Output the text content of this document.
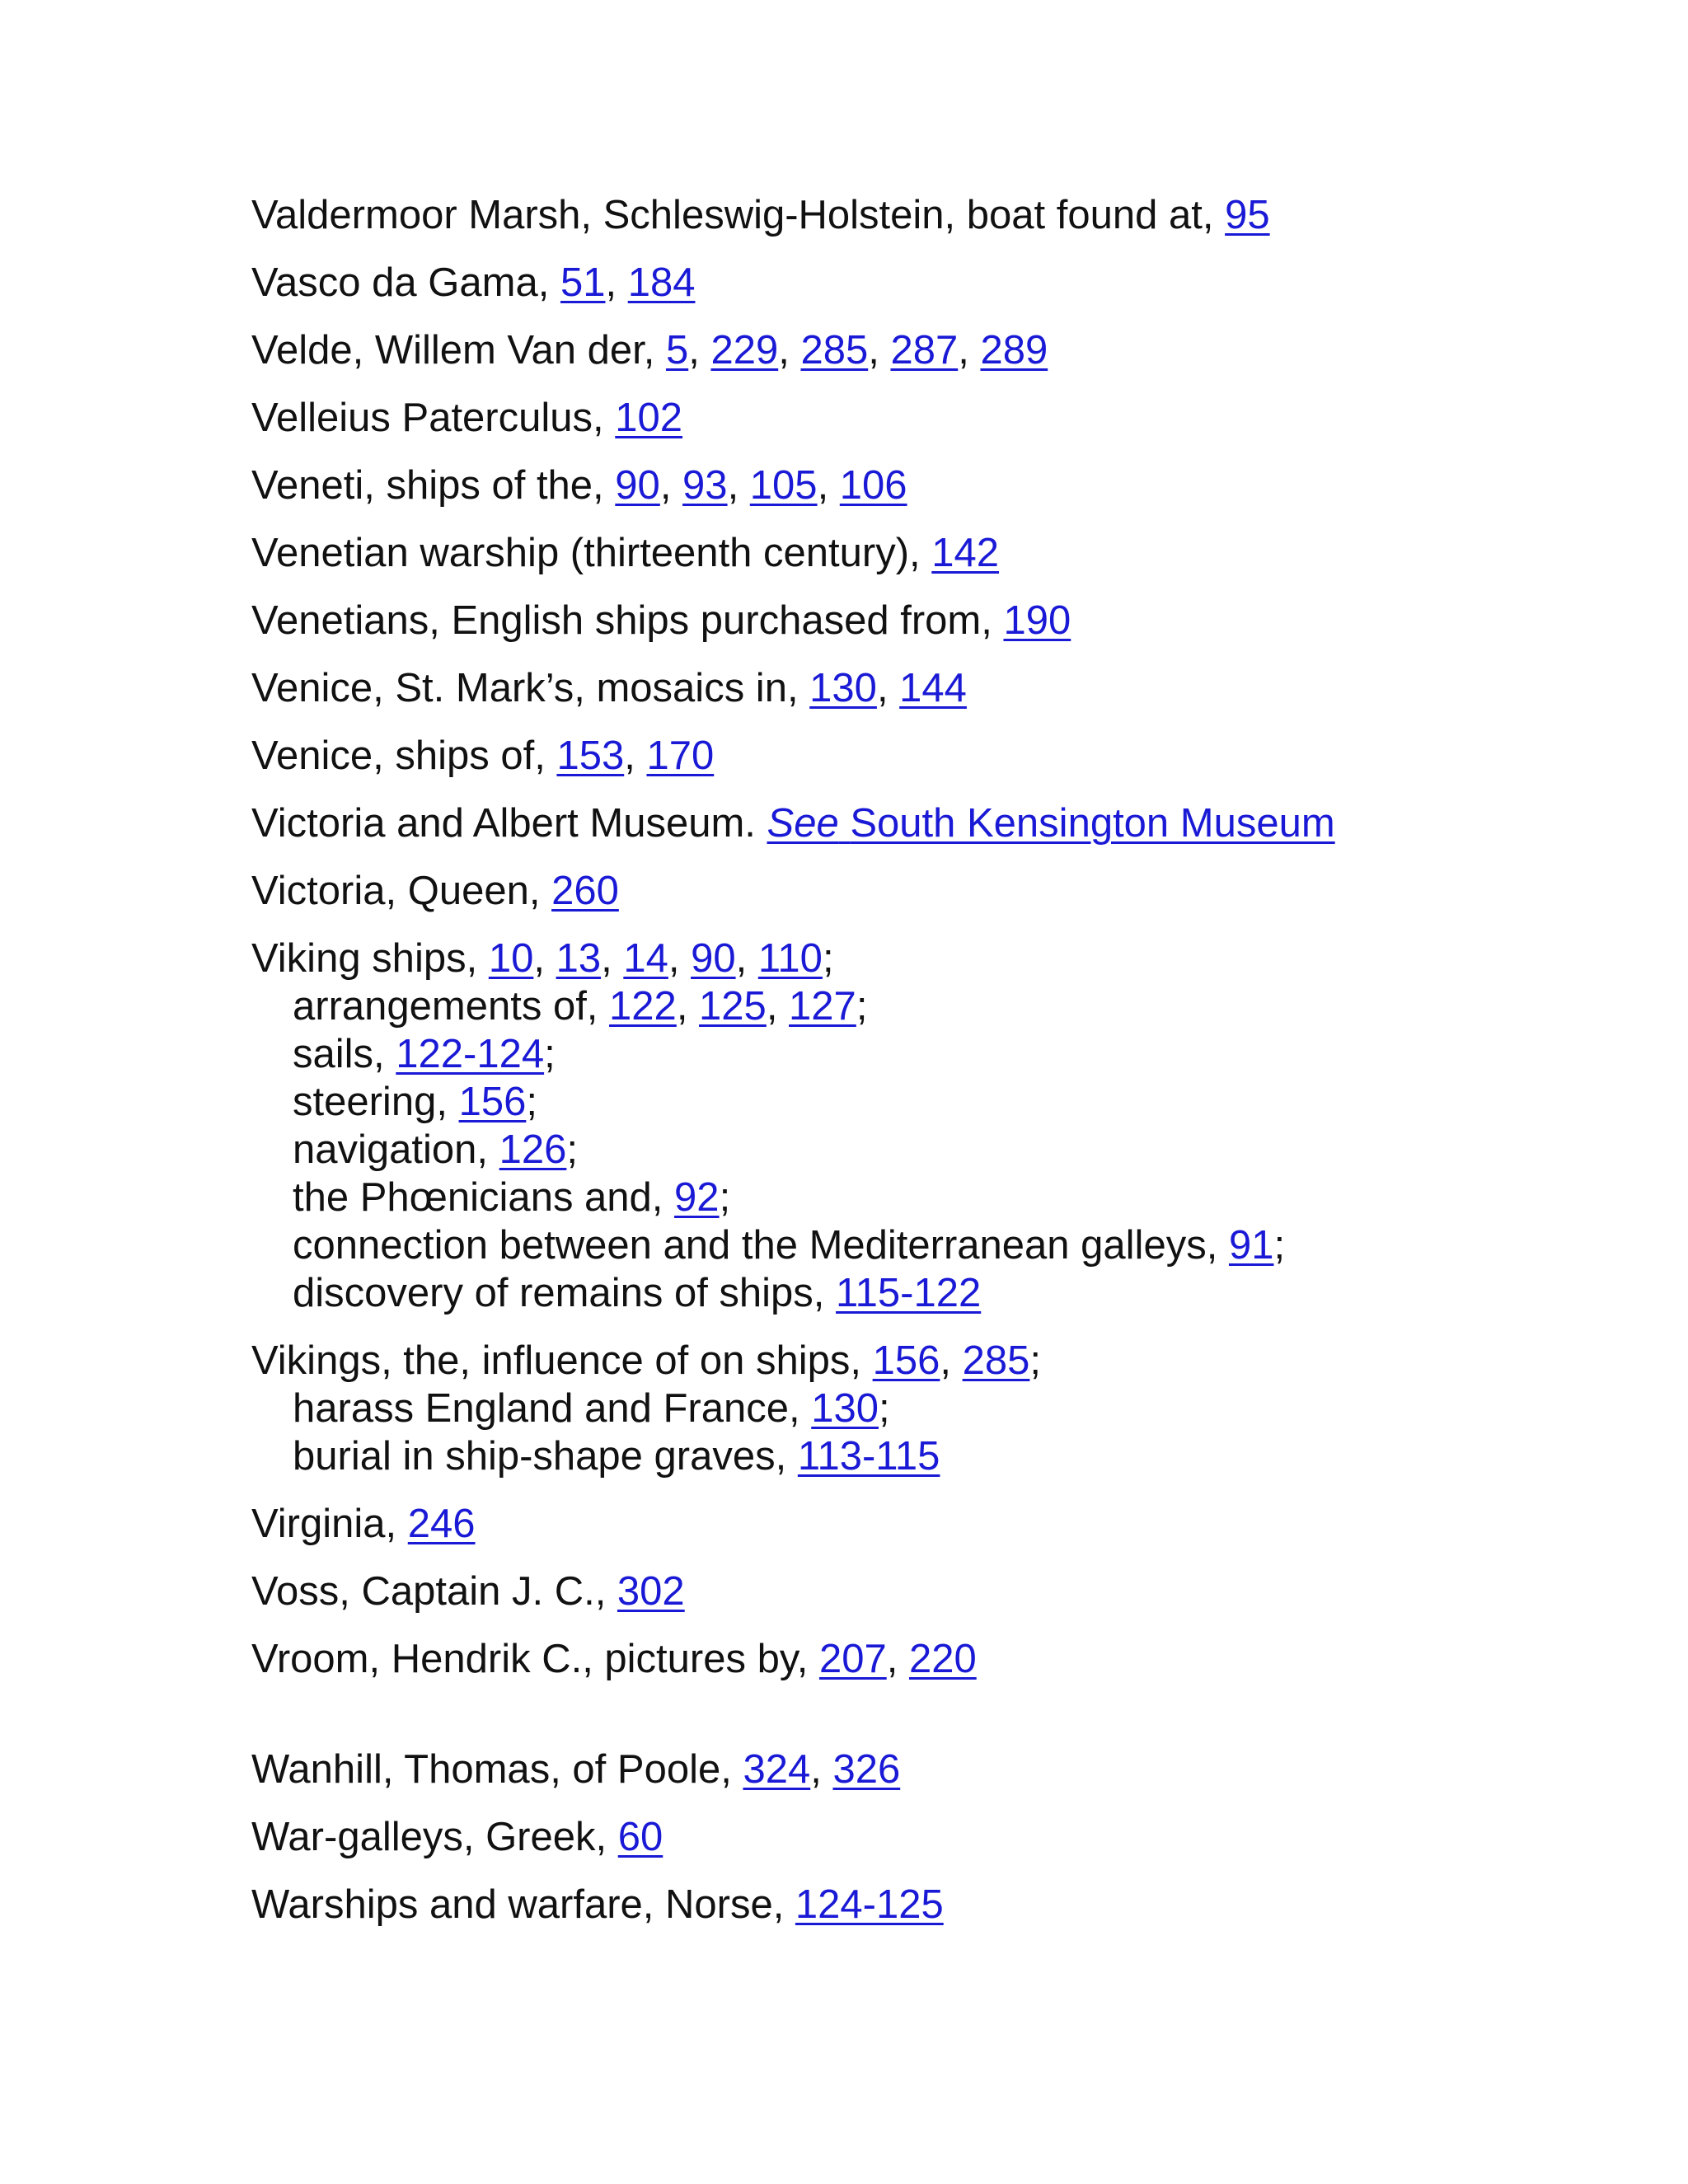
Valdermoor Marsh, Schleswig-Holstein, boat found at, 95
Vasco da Gama, 51, 184
Velde, Willem Van der, 5, 229, 285, 287, 289
Velleius Paterculus, 102
Veneti, ships of the, 90, 93, 105, 106
Venetian warship (thirteenth century), 142
Venetians, English ships purchased from, 190
Venice, St. Mark’s, mosaics in, 130, 144
Venice, ships of, 153, 170
Victoria and Albert Museum. See South Kensington Museum
Victoria, Queen, 260
Viking ships, 10, 13, 14, 90, 110;
arrangements of, 122, 125, 127;
sails, 122-124;
steering, 156;
navigation, 126;
the Phœnicians and, 92;
connection between and the Mediterranean galleys, 91;
discovery of remains of ships, 115-122
Vikings, the, influence of on ships, 156, 285;
harass England and France, 130;
burial in ship-shape graves, 113-115
Virginia, 246
Voss, Captain J. C., 302
Vroom, Hendrik C., pictures by, 207, 220
Wanhill, Thomas, of Poole, 324, 326
War-galleys, Greek, 60
Warships and warfare, Norse, 124-125
